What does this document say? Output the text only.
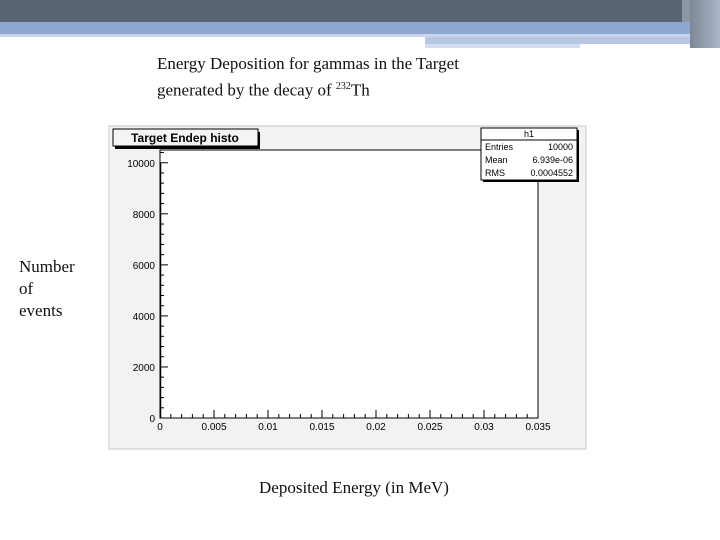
Energy Deposition for gammas in the Target
generated by the decay of $^{232}$Th
Number
of
events
Deposited Energy (in MeV)
0	0.005	0.01	0.015	0.02	0.025	0.03	0.035
0
2000
4000
6000
8000
10000
Target Endep histo	h1
Entries	10000
Mean	6.939e-06
RMS	0.0004552
